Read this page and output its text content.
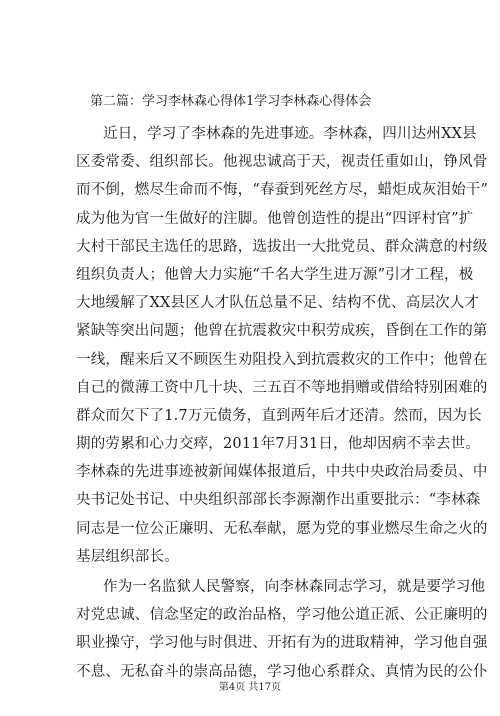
第二篇：学习李林森心得体1学习李林森心得体会
近日，学习了李林森的先进事迹。李林森，四川达州XX县
区委常委、组织部长。他视忠诚高于天，视责任重如山，铮风骨
而不倒，燃尽生命而不悔，“春蚕到死丝方尽，蜡炬成灰泪始干”
成为他为官一生做好的注脚。他曾创造性的提出“四评村官”扩
大村干部民主选任的思路，选拔出一大批党员、群众满意的村级
组织负责人；他曾大力实施“千名大学生进万源”引才工程，极
大地缓解了XX县区人才队伍总量不足、结构不优、高层次人才
紧缺等突出问题；他曾在抗震救灾中积劳成疾，昏倒在工作的第
一线，醒来后又不顾医生劝阻投入到抗震救灾的工作中；他曾在
自己的微薄工资中几十块、三五百不等地捐赠或借给特别困难的
群众而欠下了1.7万元债务，直到两年后才还清。然而，因为长
期的劳累和心力交瘁，2011年7月31日，他却因病不幸去世。
李林森的先进事迹被新闻媒体报道后，中共中央政治局委员、中
央书记处书记、中央组织部部长李源潮作出重要批示：“李林森
同志是一位公正廉明、无私奉献，愿为党的事业燃尽生命之火的
基层组织部长。
作为一名监狱人民警察，向李林森同志学习，就是要学习他
对党忠诚、信念坚定的政治品格，学习他公道正派、公正廉明的
职业操守，学习他与时俱进、开拓有为的进取精神，学习他自强
不息、无私奋斗的崇高品德，学习他心系群众、真情为民的公仆
第4页 共17页
